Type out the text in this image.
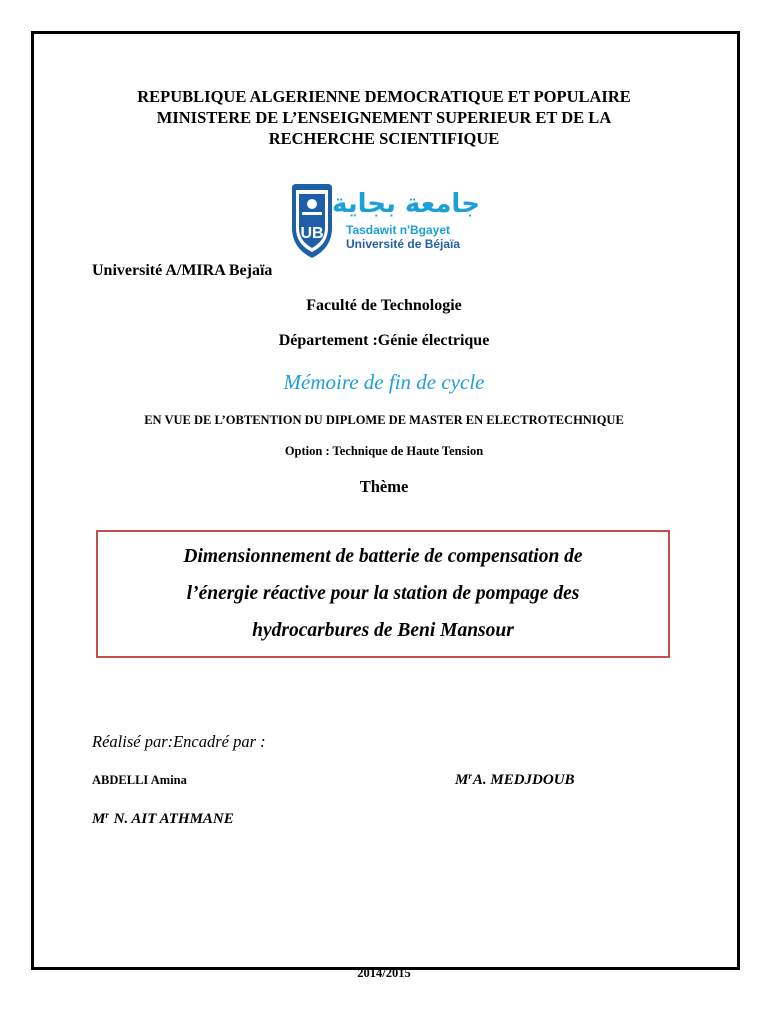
REPUBLIQUE ALGERIENNE DEMOCRATIQUE ET POPULAIRE
MINISTERE DE L’ENSEIGNEMENT SUPERIEUR ET DE LA
RECHERCHE SCIENTIFIQUE
UB
جامعة بجاية
Tasdawit n'Bgayet
Université de Béjaïa
Université A/MIRA Bejaïa
Faculté de Technologie
Département :Génie électrique
Mémoire de fin de cycle
EN VUE DE L’OBTENTION DU DIPLOME DE MASTER EN ELECTROTECHNIQUE
Option : Technique de Haute Tension
Thème
Dimensionnement de batterie de compensation de
l’énergie réactive pour la station de pompage des
hydrocarbures de Beni Mansour
Réalisé par:Encadré par :
ABDELLI Amina	$M^rA$. MEDJDOUB
$M^r$ N. AIT ATHMANE
2014/2015
